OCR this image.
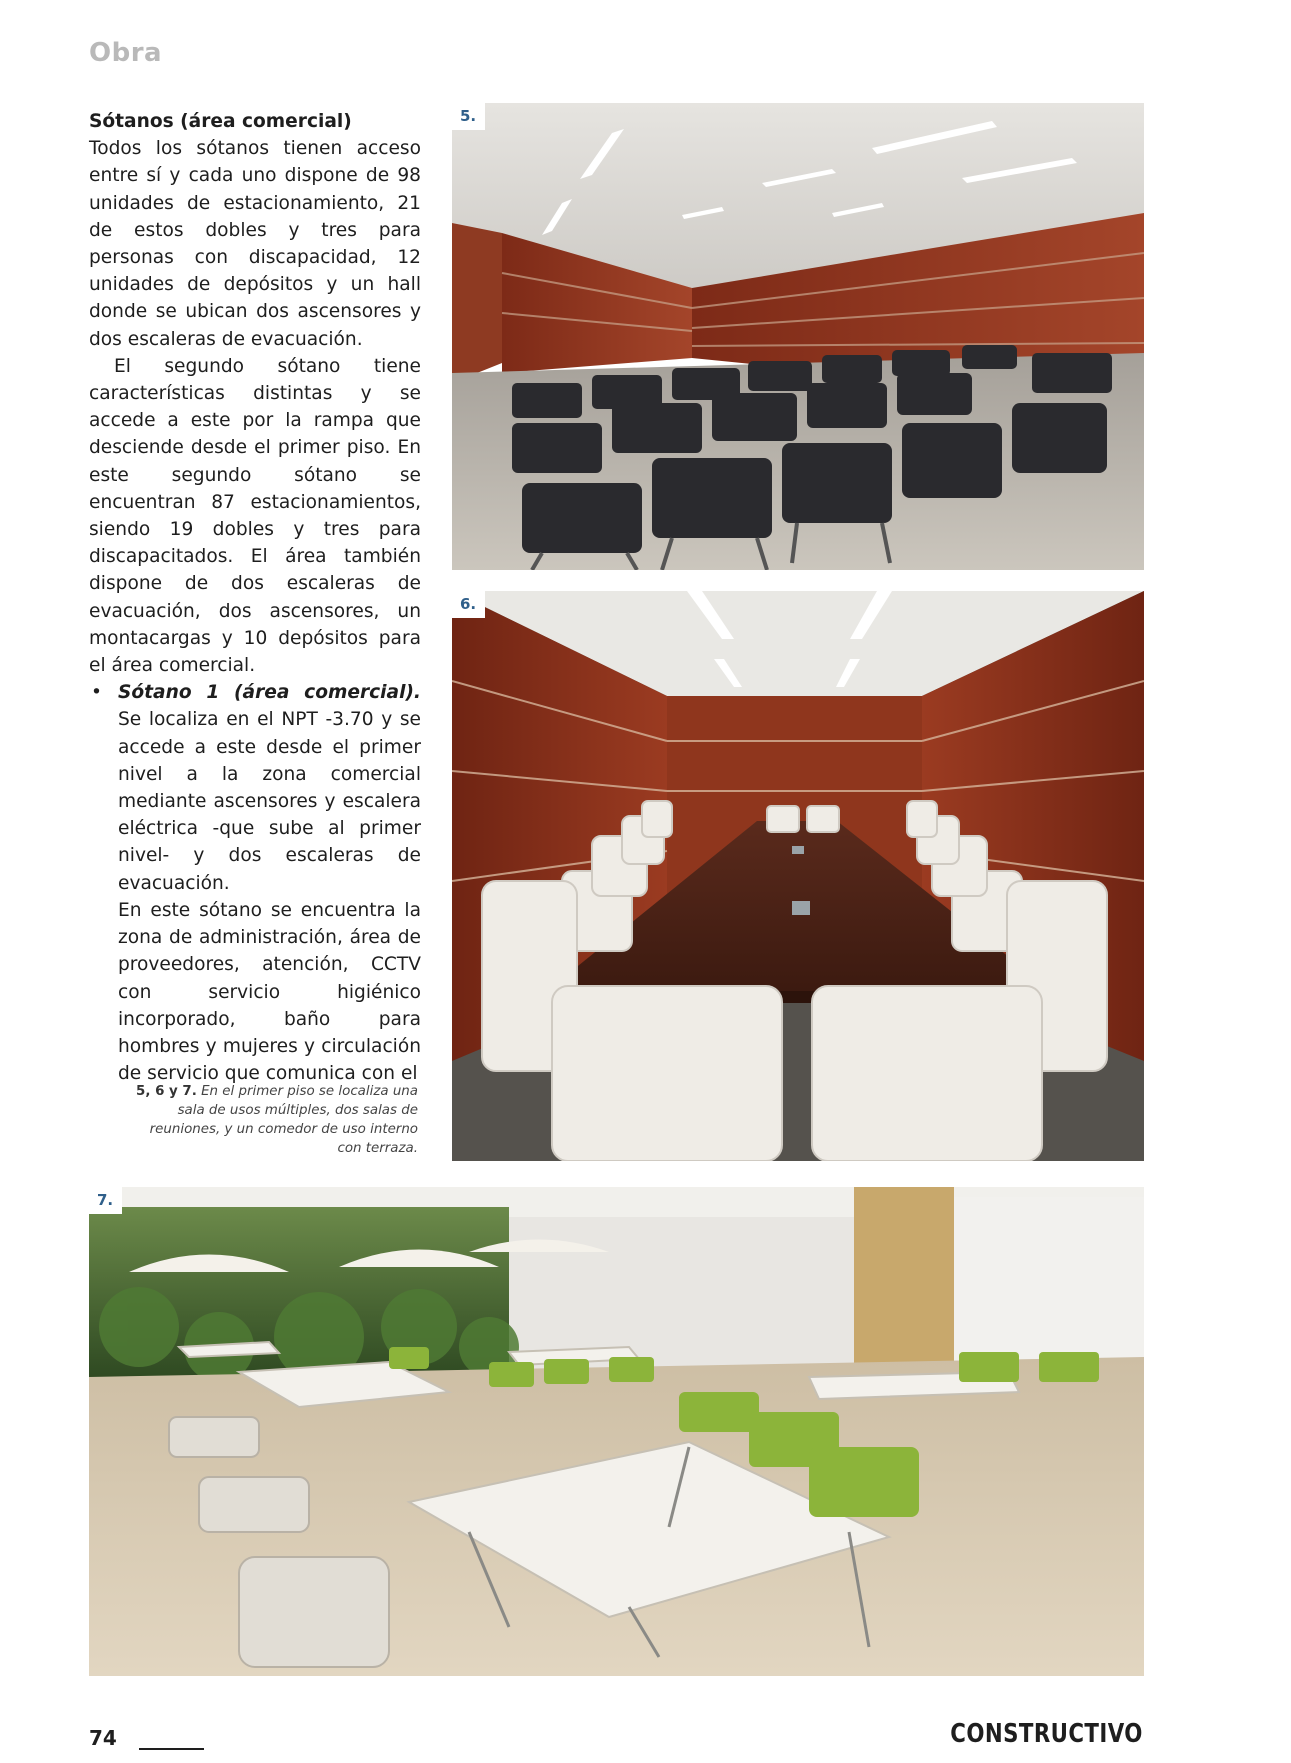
Obra

Sótanos (área comercial)

Todos los sótanos tienen acceso entre sí y cada uno dispone de 98 unidades de estacionamiento, 21 de estos dobles y tres para personas con discapacidad, 12 unidades de depósitos y un hall donde se ubican dos ascensores y dos escaleras de evacuación.

El segundo sótano tiene características distintas y se accede a este por la rampa que desciende desde el primer piso. En este segundo sótano se encuentran 87 estacionamientos, siendo 19 dobles y tres para discapacitados. El área también dispone de dos escaleras de evacuación, dos ascensores, un montacargas y 10 depósitos para el área comercial.

• Sótano 1 (área comercial). Se localiza en el NPT -3.70 y se accede a este desde el primer nivel a la zona comercial mediante ascensores y escalera eléctrica -que sube al primer nivel- y dos escaleras de evacuación.

En este sótano se encuentra la zona de administración, área de proveedores, atención, CCTV con servicio higiénico incorporado, baño para hombres y mujeres y circulación de servicio que comunica con el

5, 6 y 7. En el primer piso se localiza una sala de usos múltiples, dos salas de reuniones, y un comedor de uso interno con terraza.
5.
6.
7.
74	CONSTRUCTIVO
